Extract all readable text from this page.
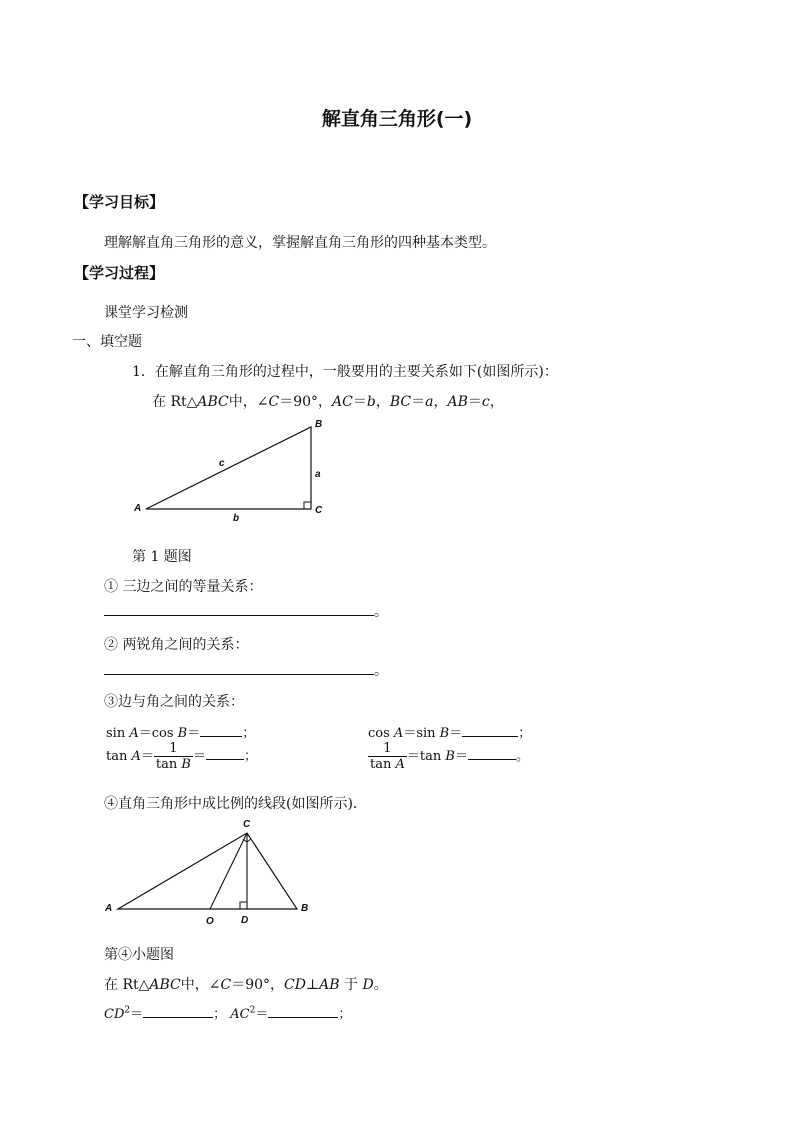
解直角三角形(一)
【学习目标】
理解解直角三角形的意义，掌握解直角三角形的四种基本类型。
【学习过程】
课堂学习检测
一、填空题
1．在解直角三角形的过程中，一般要用的主要关系如下(如图所示)：
在 Rt△ABC中，∠C＝90°，AC＝b，BC＝a，AB＝c，
A
B
C
a
b
c
第 1 题图
① 三边之间的等量关系：
。
② 两锐角之间的关系：
。
③边与角之间的关系：
sin A＝cos B＝	；	cos A＝sin B＝	；
$\tan A= \frac{1}{\text{tan B}}$ ＝	；	$\frac{1}{\text{tan A}} =\tan$ B＝	。
④直角三角形中成比例的线段(如图所示)．
A	B
C
O	D
第④小题图
在 Rt△ABC中，∠C＝90°，CD⊥AB 于 D。
$CD^2=$	； $AC^2=$	；
